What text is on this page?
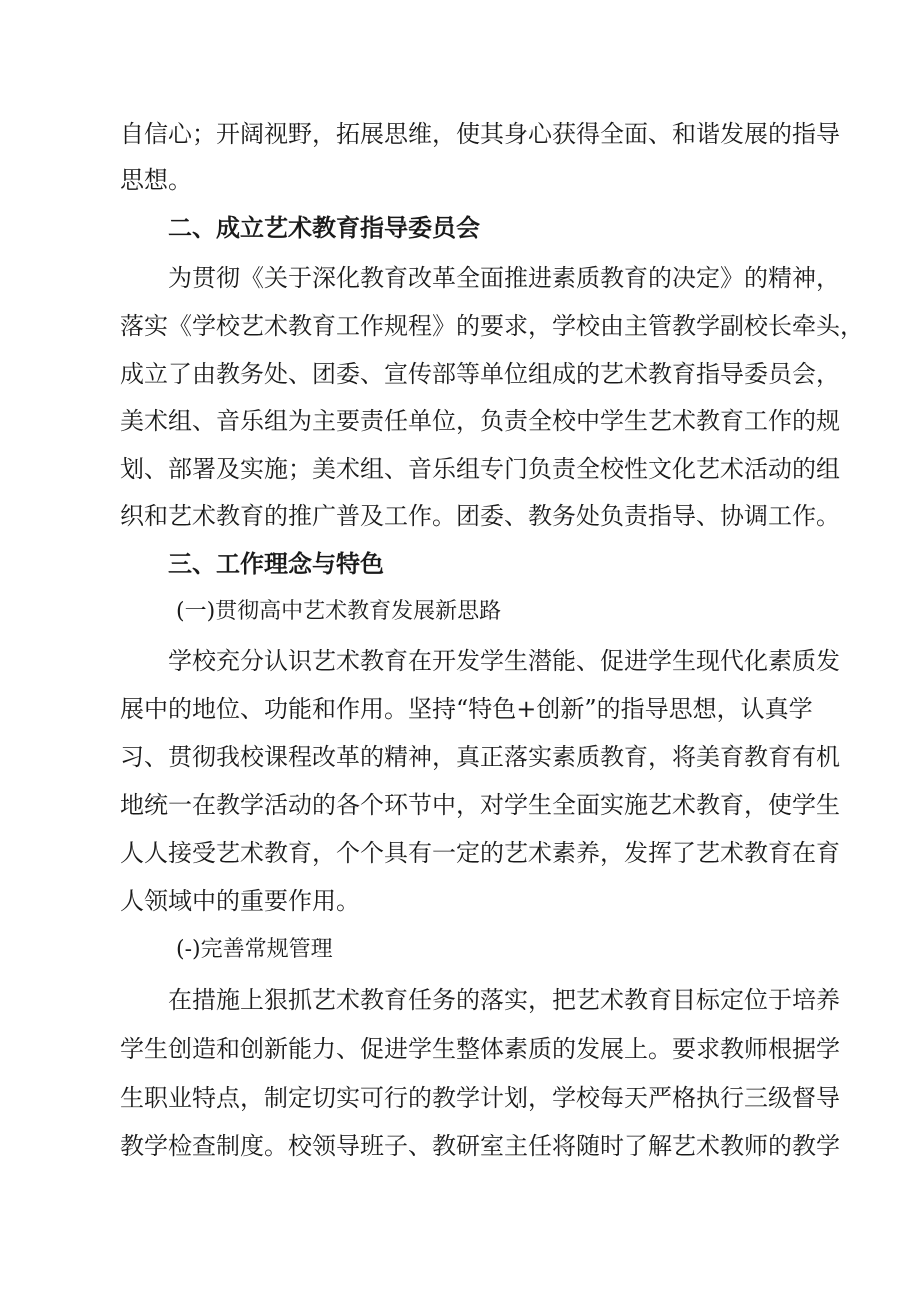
自信心；开阔视野，拓展思维，使其身心获得全面、和谐发展的指导
思想。
二、成立艺术教育指导委员会
为贯彻《关于深化教育改革全面推进素质教育的决定》的精神，
落实《学校艺术教育工作规程》的要求，学校由主管教学副校长牵头，
成立了由教务处、团委、宣传部等单位组成的艺术教育指导委员会，
美术组、音乐组为主要责任单位，负责全校中学生艺术教育工作的规
划、部署及实施；美术组、音乐组专门负责全校性文化艺术活动的组
织和艺术教育的推广普及工作。团委、教务处负责指导、协调工作。
三、工作理念与特色
(一)贯彻高中艺术教育发展新思路
学校充分认识艺术教育在开发学生潜能、促进学生现代化素质发
展中的地位、功能和作用。坚持“特色+创新”的指导思想，认真学
习、贯彻我校课程改革的精神，真正落实素质教育，将美育教育有机
地统一在教学活动的各个环节中，对学生全面实施艺术教育，使学生
人人接受艺术教育，个个具有一定的艺术素养，发挥了艺术教育在育
人领域中的重要作用。
(-)完善常规管理
在措施上狠抓艺术教育任务的落实，把艺术教育目标定位于培养
学生创造和创新能力、促进学生整体素质的发展上。要求教师根据学
生职业特点，制定切实可行的教学计划，学校每天严格执行三级督导
教学检查制度。校领导班子、教研室主任将随时了解艺术教师的教学
